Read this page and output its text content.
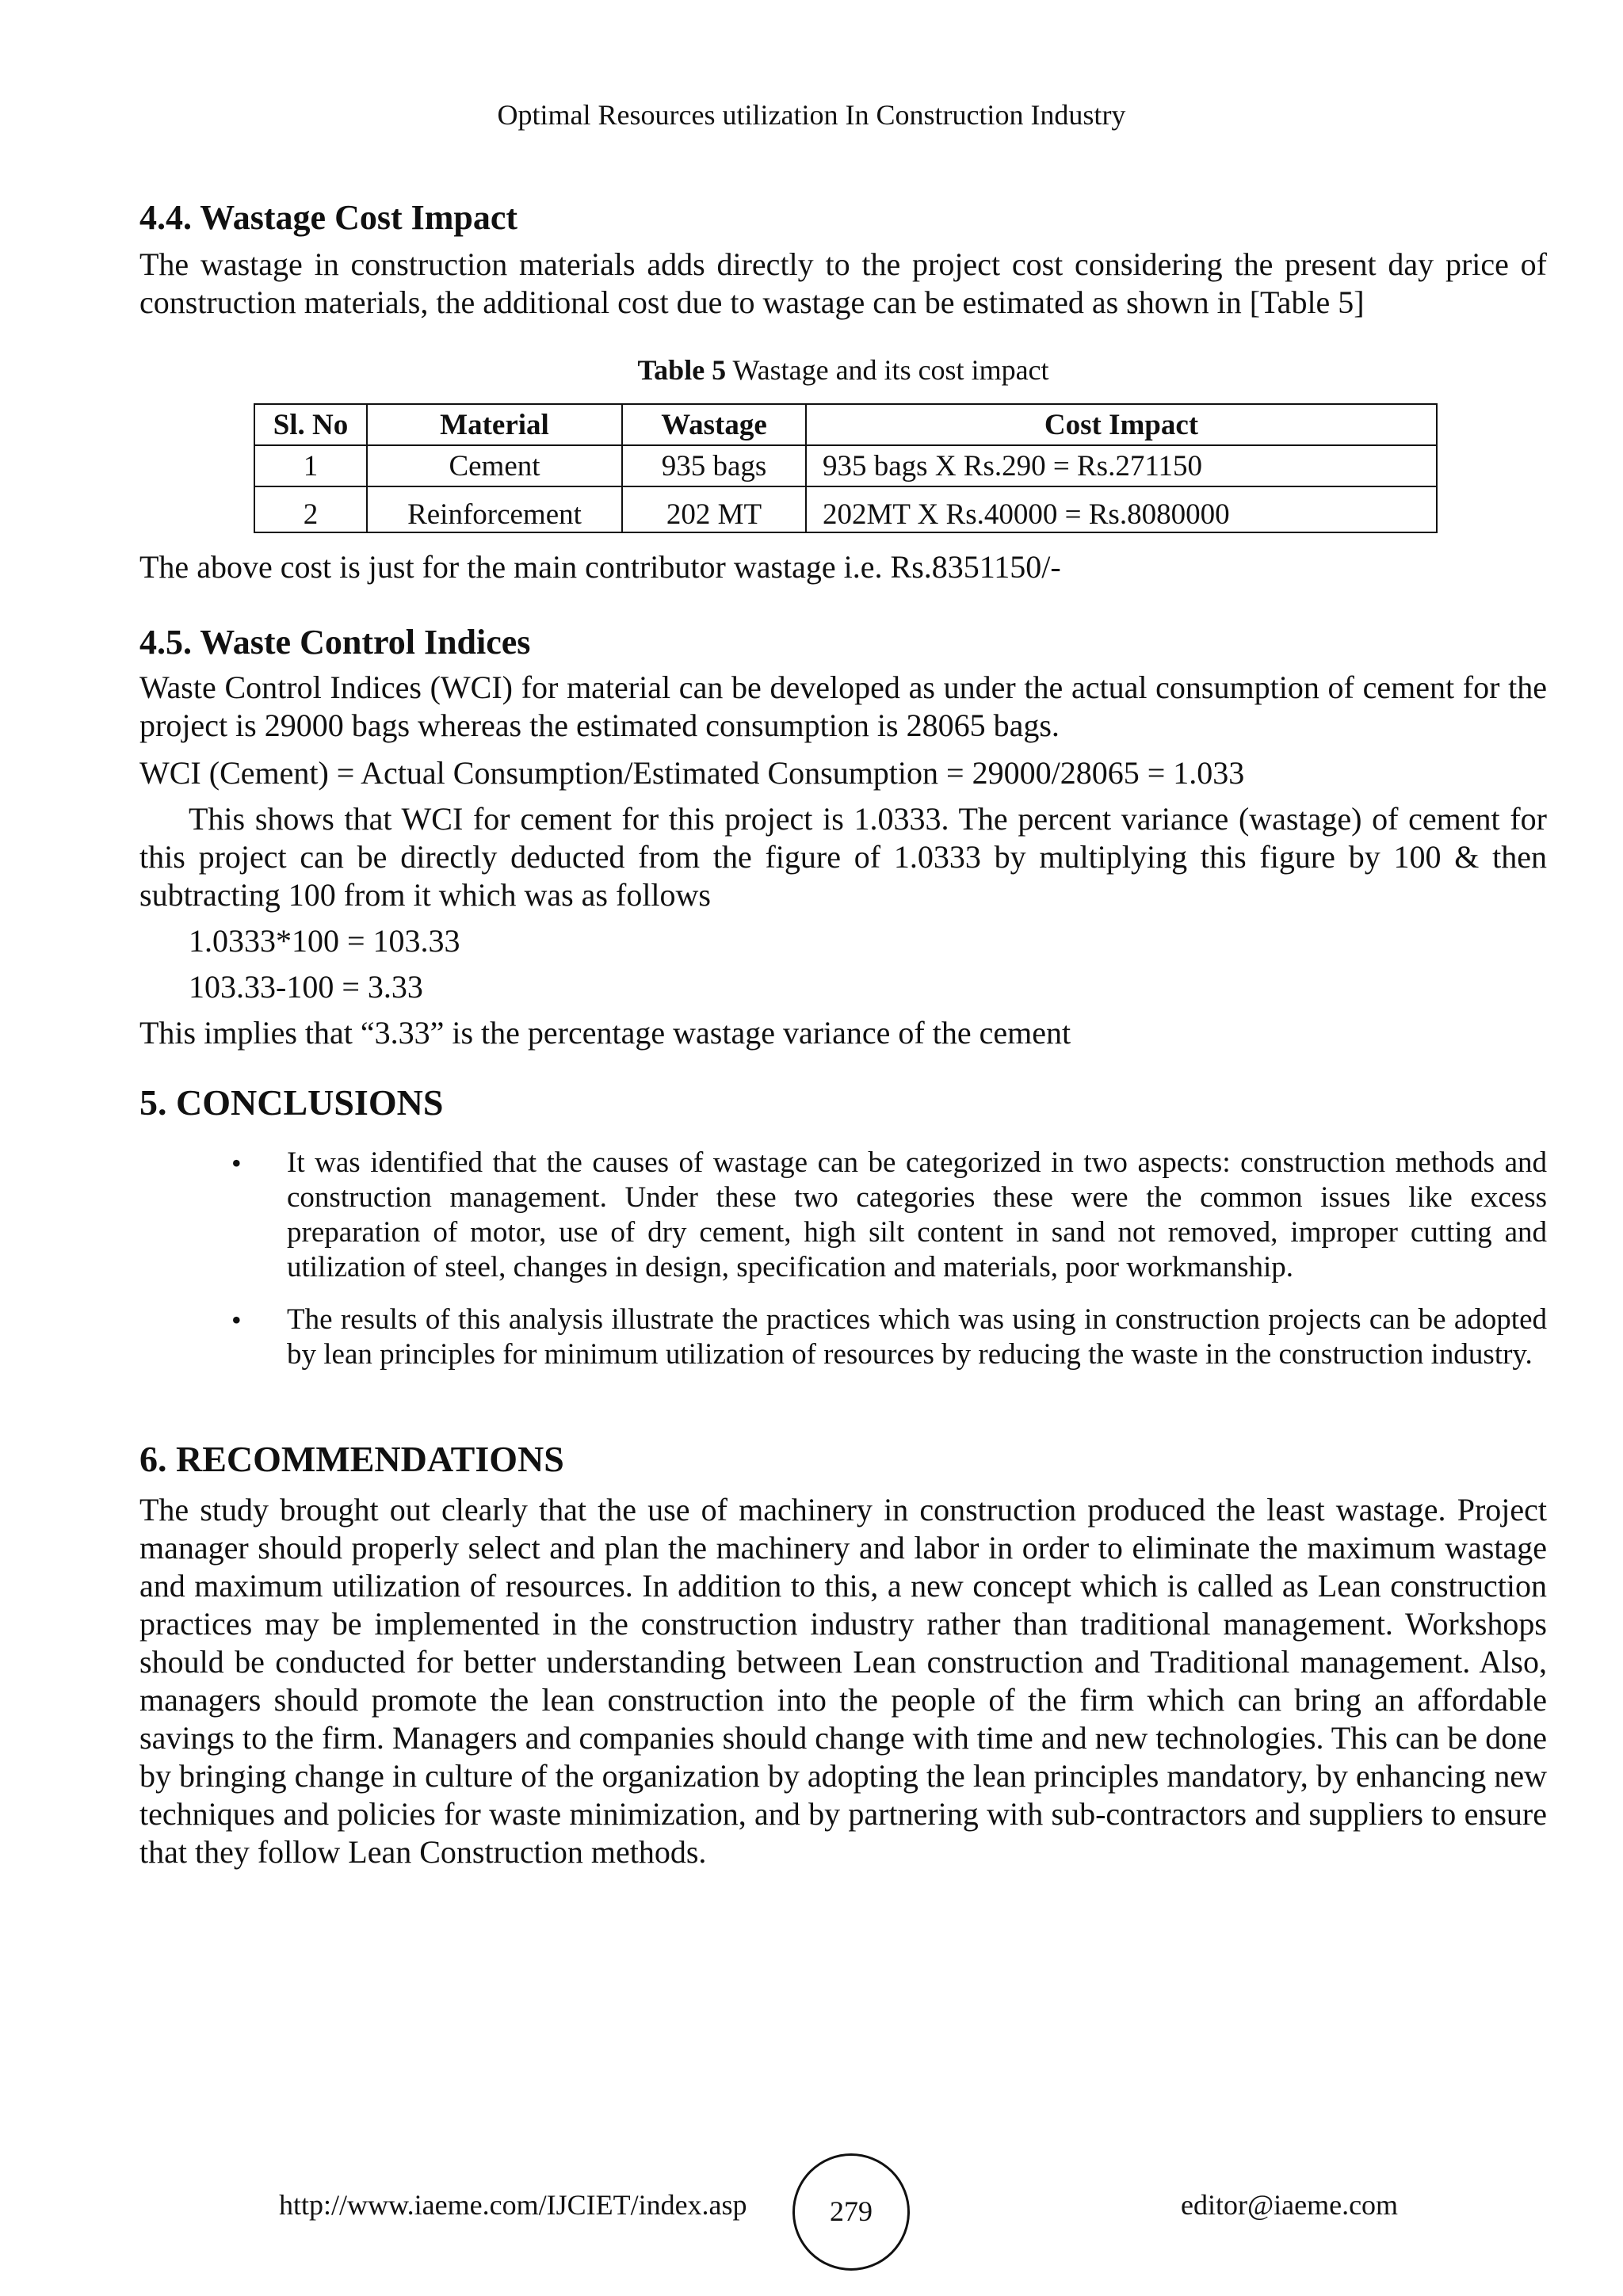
Optimal Resources utilization In Construction Industry
4.4. Wastage Cost Impact

The wastage in construction materials adds directly to the project cost considering the present day price of construction materials, the additional cost due to wastage can be estimated as shown in [Table 5]

Table 5 Wastage and its cost impact
Sl. No	Material	Wastage	Cost Impact
1	Cement	935 bags	935 bags X Rs.290 = Rs.271150
2	Reinforcement	202 MT	202MT X Rs.40000 = Rs.8080000

The above cost is just for the main contributor wastage i.e. Rs.8351150/-

4.5. Waste Control Indices

Waste Control Indices (WCI) for material can be developed as under the actual consumption of cement for the project is 29000 bags whereas the estimated consumption is 28065 bags.

WCI (Cement) = Actual Consumption/Estimated Consumption = 29000/28065 = 1.033

This shows that WCI for cement for this project is 1.0333. The percent variance (wastage) of cement for this project can be directly deducted from the figure of 1.0333 by multiplying this figure by 100 & then subtracting 100 from it which was as follows

1.0333*100 = 103.33

103.33-100 = 3.33

This implies that “3.33” is the percentage wastage variance of the cement

5. CONCLUSIONS
• It was identified that the causes of wastage can be categorized in two aspects: construction methods and construction management. Under these two categories these were the common issues like excess preparation of motor, use of dry cement, high silt content in sand not removed, improper cutting and utilization of steel, changes in design, specification and materials, poor workmanship.
• The results of this analysis illustrate the practices which was using in construction projects can be adopted by lean principles for minimum utilization of resources by reducing the waste in the construction industry.
6. RECOMMENDATIONS

The study brought out clearly that the use of machinery in construction produced the least wastage. Project manager should properly select and plan the machinery and labor in order to eliminate the maximum wastage and maximum utilization of resources. In addition to this, a new concept which is called as Lean construction practices may be implemented in the construction industry rather than traditional management. Workshops should be conducted for better understanding between Lean construction and Traditional management. Also, managers should promote the lean construction into the people of the firm which can bring an affordable savings to the firm. Managers and companies should change with time and new technologies. This can be done by bringing change in culture of the organization by adopting the lean principles mandatory, by enhancing new techniques and policies for waste minimization, and by partnering with sub-contractors and suppliers to ensure that they follow Lean Construction methods.

http://www.iaeme.com/IJCIET/index.asp	279	editor@iaeme.com
